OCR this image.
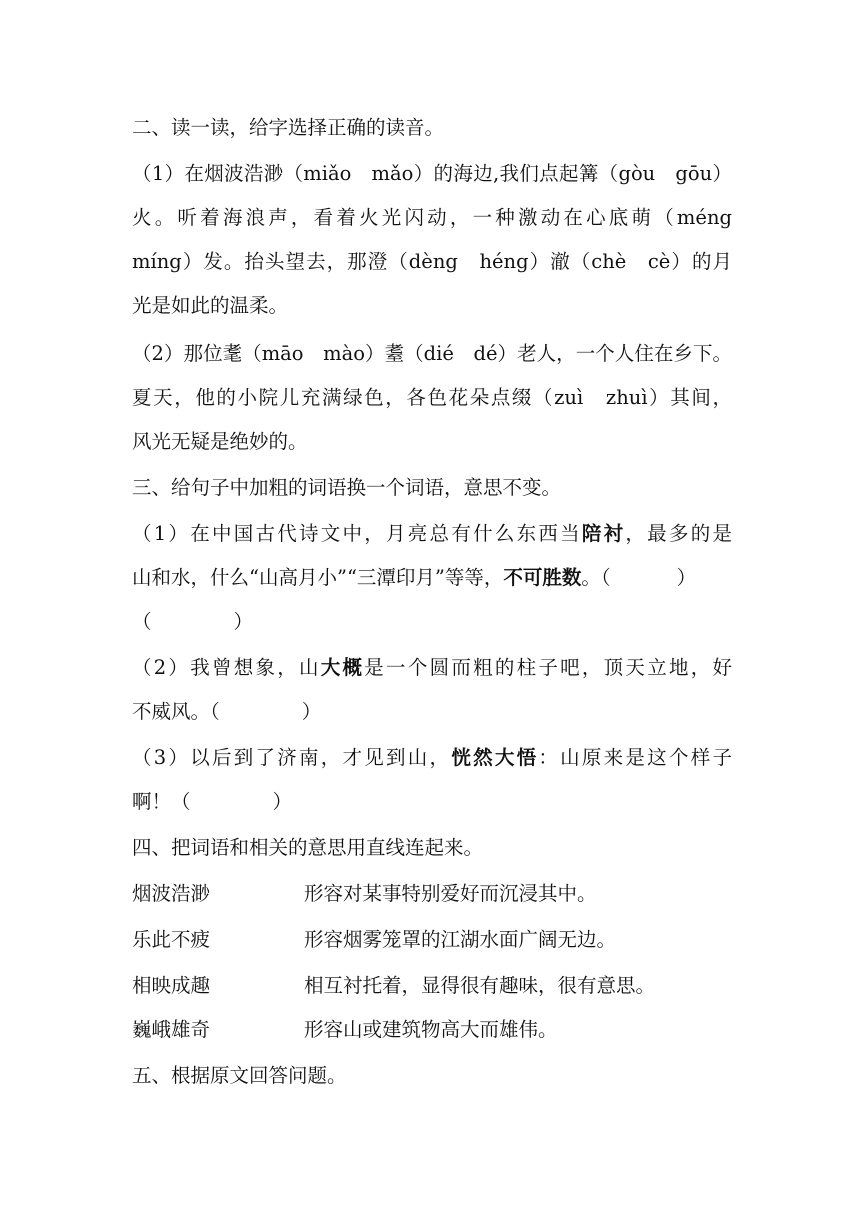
二、读一读，给字选择正确的读音。
（1）在烟波浩渺（miǎo　mǎo）的海边,我们点起篝（gòu　gōu）
火。听着海浪声，看着火光闪动，一种激动在心底萌（méng
míng）发。抬头望去，那澄（dèng　héng）澈（chè　cè）的月
光是如此的温柔。
（2）那位耄（māo　mào）耋（dié　dé）老人，一个人住在乡下。
夏天，他的小院儿充满绿色，各色花朵点缀（zuì　zhuì）其间，
风光无疑是绝妙的。
三、给句子中加粗的词语换一个词语，意思不变。
（1）在中国古代诗文中，月亮总有什么东西当陪衬，最多的是
山和水，什么“山高月小”“三潭印月”等等，不可胜数。（	）
（	）
（2）我曾想象，山大概是一个圆而粗的柱子吧，顶天立地，好
不威风。（	）
（3）以后到了济南，才见到山，恍然大悟：山原来是这个样子
啊！（	）
四、把词语和相关的意思用直线连起来。
烟波浩渺	形容对某事特别爱好而沉浸其中。
乐此不疲	形容烟雾笼罩的江湖水面广阔无边。
相映成趣	相互衬托着，显得很有趣味，很有意思。
巍峨雄奇	形容山或建筑物高大而雄伟。
五、根据原文回答问题。
